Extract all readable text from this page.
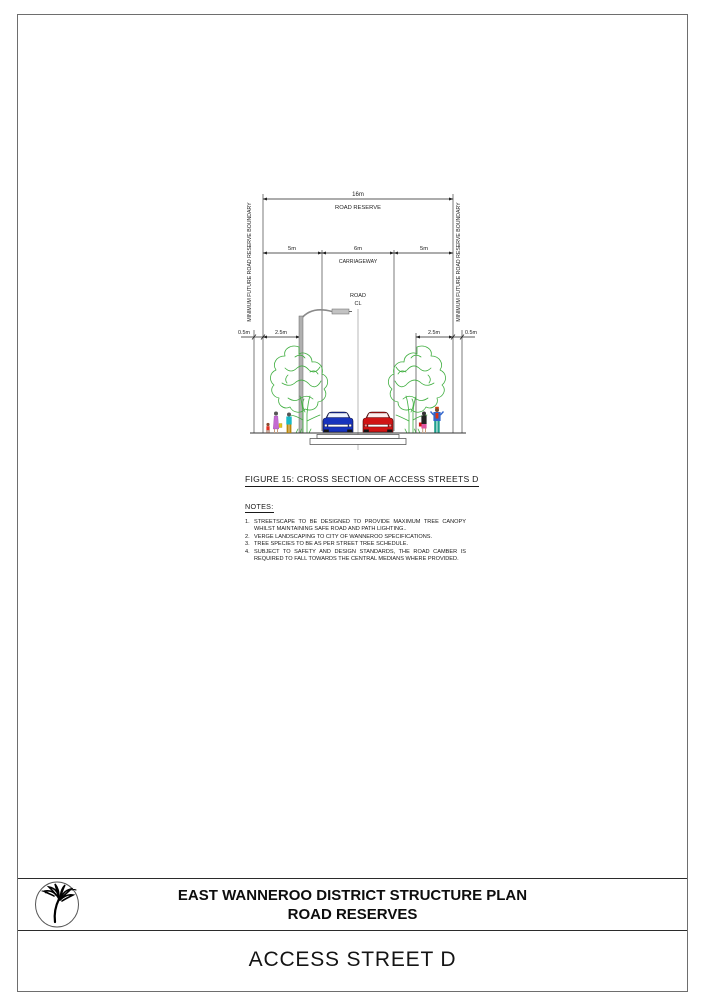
EAST WANNEROO DISTRICT STRUCTURE PLAN
ROAD RESERVES
ACCESS STREET D
16m
ROAD RESERVE
5m	6m	5m
CARRIAGEWAY
ROAD
CL
0.5m	2.5m	2.5m	0.5m
MINIMUM FUTURE ROAD RESERVE BOUNDARY	MINIMUM FUTURE ROAD RESERVE BOUNDARY
FIGURE 15: CROSS SECTION OF ACCESS STREETS D
NOTES:
1. STREETSCAPE TO BE DESIGNED TO PROVIDE MAXIMUM TREE CANOPY WHILST MAINTAINING SAFE ROAD AND PATH LIGHTING..
2. VERGE LANDSCAPING TO CITY OF WANNEROO SPECIFICATIONS.
3. TREE SPECIES TO BE AS PER STREET TREE SCHEDULE.
4. SUBJECT TO SAFETY AND DESIGN STANDARDS, THE ROAD CAMBER IS REQUIRED TO FALL TOWARDS THE CENTRAL MEDIANS WHERE PROVIDED.
